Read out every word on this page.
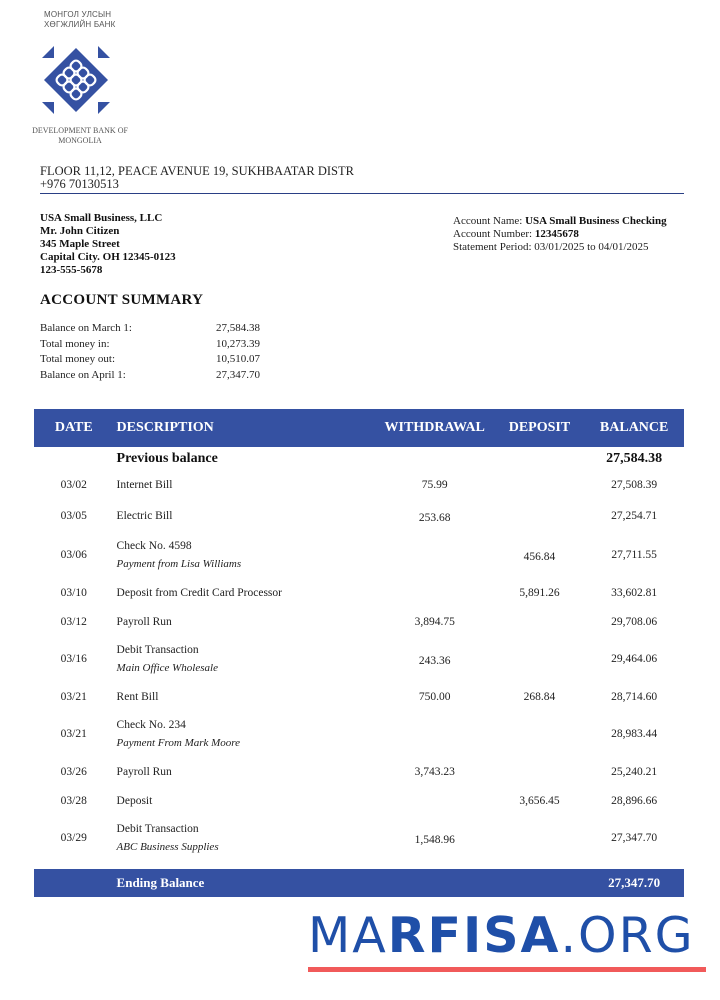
МОНГОЛ УЛСЫН
ХӨГЖЛИЙН БАНК
DEVELOPMENT BANK OF
MONGOLIA
FLOOR 11,12, PEACE AVENUE 19, SUKHBAATAR DISTR
+976 70130513
USA Small Business, LLC
Mr. John Citizen
345 Maple Street
Capital City. OH 12345-0123
123-555-5678
Account Name: USA Small Business Checking
Account Number: 12345678
Statement Period: 03/01/2025 to 04/01/2025
ACCOUNT SUMMARY
Balance on March 1:	27,584.38
Total money in:	10,273.39
Total money out:	10,510.07
Balance on April 1:	27,347.70
DATE	DESCRIPTION	WITHDRAWAL	DEPOSIT	BALANCE
	Previous balance			27,584.38
03/02	Internet Bill	75.99		27,508.39
03/05	Electric Bill	253.68		27,254.71
03/06	Check No. 4598
Payment from Lisa Williams		456.84	27,711.55
03/10	Deposit from Credit Card Processor		5,891.26	33,602.81
03/12	Payroll Run	3,894.75		29,708.06
03/16	Debit Transaction
Main Office Wholesale	243.36		29,464.06
03/21	Rent Bill	750.00	268.84	28,714.60
03/21	Check No. 234
Payment From Mark Moore			28,983.44
03/26	Payroll Run	3,743.23		25,240.21
03/28	Deposit		3,656.45	28,896.66
03/29	Debit Transaction
ABC Business Supplies	1,548.96		27,347.70

	Ending Balance			27,347.70
MARFISA.ORG
